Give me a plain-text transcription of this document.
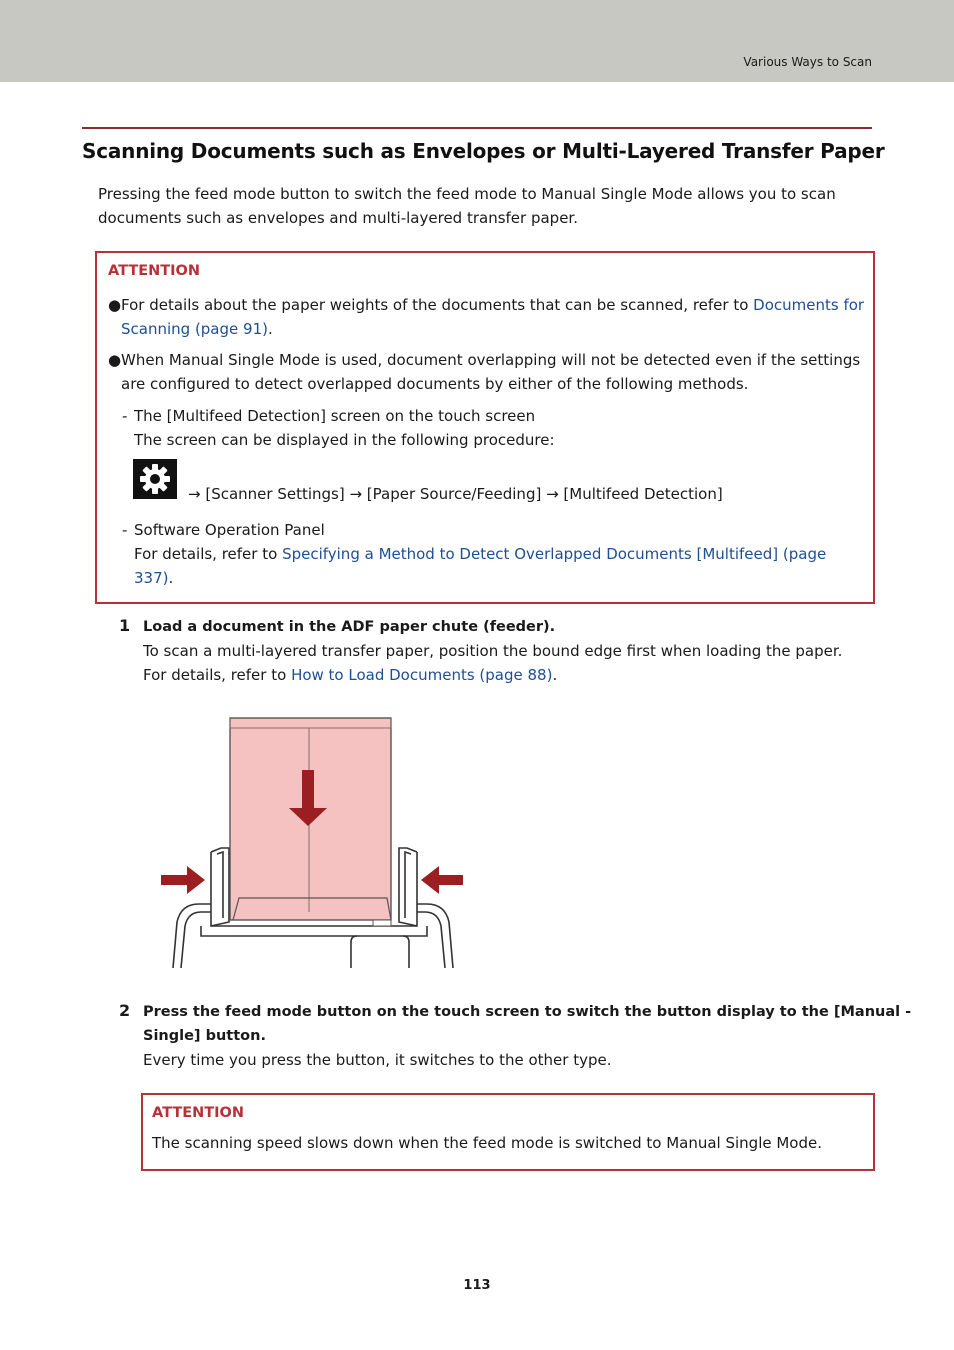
Various Ways to Scan
Scanning Documents such as Envelopes or Multi-Layered Transfer Paper

Pressing the feed mode button to switch the feed mode to Manual Single Mode allows you to scan
documents such as envelopes and multi-layered transfer paper.

ATTENTION
● For details about the paper weights of the documents that can be scanned, refer to Documents for
Scanning (page 91).
● When Manual Single Mode is used, document overlapping will not be detected even if the settings
are configured to detect overlapped documents by either of the following methods.
- The [Multifeed Detection] screen on the touch screen
The screen can be displayed in the following procedure:
→ [Scanner Settings] → [Paper Source/Feeding] → [Multifeed Detection]
- Software Operation Panel
For details, refer to Specifying a Method to Detect Overlapped Documents [Multifeed] (page
337).
1 Load a document in the ADF paper chute (feeder).
To scan a multi-layered transfer paper, position the bound edge first when loading the paper.
For details, refer to How to Load Documents (page 88).
2 Press the feed mode button on the touch screen to switch the button display to the [Manual -
Single] button.
Every time you press the button, it switches to the other type.
ATTENTION
The scanning speed slows down when the feed mode is switched to Manual Single Mode.
113
